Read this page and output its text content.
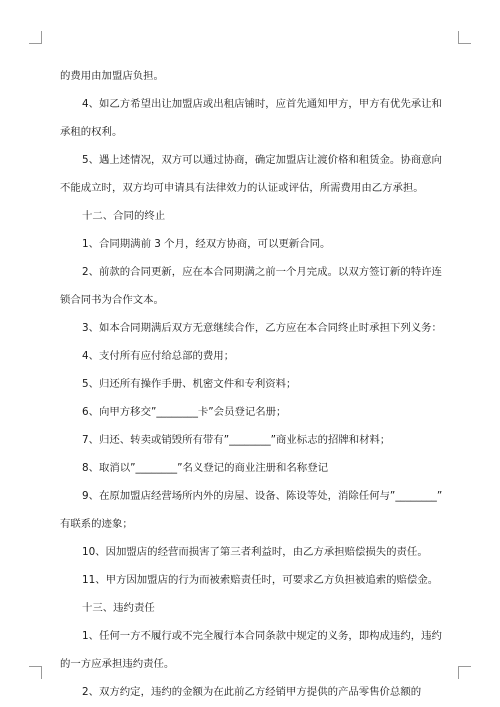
的费用由加盟店负担。
4、如乙方希望出让加盟店或出租店铺时，应首先通知甲方，甲方有优先承让和
承租的权利。
5、遇上述情况，双方可以通过协商，确定加盟店让渡价格和租赁金。协商意向
不能成立时，双方均可申请具有法律效力的认证或评估，所需费用由乙方承担。
十二、合同的终止
1、合同期满前 3 个月，经双方协商，可以更新合同。
2、前款的合同更新，应在本合同期满之前一个月完成。以双方签订新的特许连
锁合同书为合作文本。
3、如本合同期满后双方无意继续合作，乙方应在本合同终止时承担下列义务：
4、支付所有应付给总部的费用；
5、归还所有操作手册、机密文件和专利资料；
6、向甲方移交”________卡”会员登记名册；
7、归还、转卖或销毁所有带有”________”商业标志的招牌和材料；
8、取消以”________”名义登记的商业注册和名称登记
9、在原加盟店经营场所内外的房屋、设备、陈设等处，消除任何与”________”
有联系的迹象；
10、因加盟店的经营而损害了第三者利益时，由乙方承担赔偿损失的责任。
11、甲方因加盟店的行为而被索赔责任时，可要求乙方负担被追索的赔偿金。
十三、违约责任
1、任何一方不履行或不完全履行本合同条款中规定的义务，即构成违约，违约
的一方应承担违约责任。
2、双方约定，违约的金额为在此前乙方经销甲方提供的产品零售价总额的
